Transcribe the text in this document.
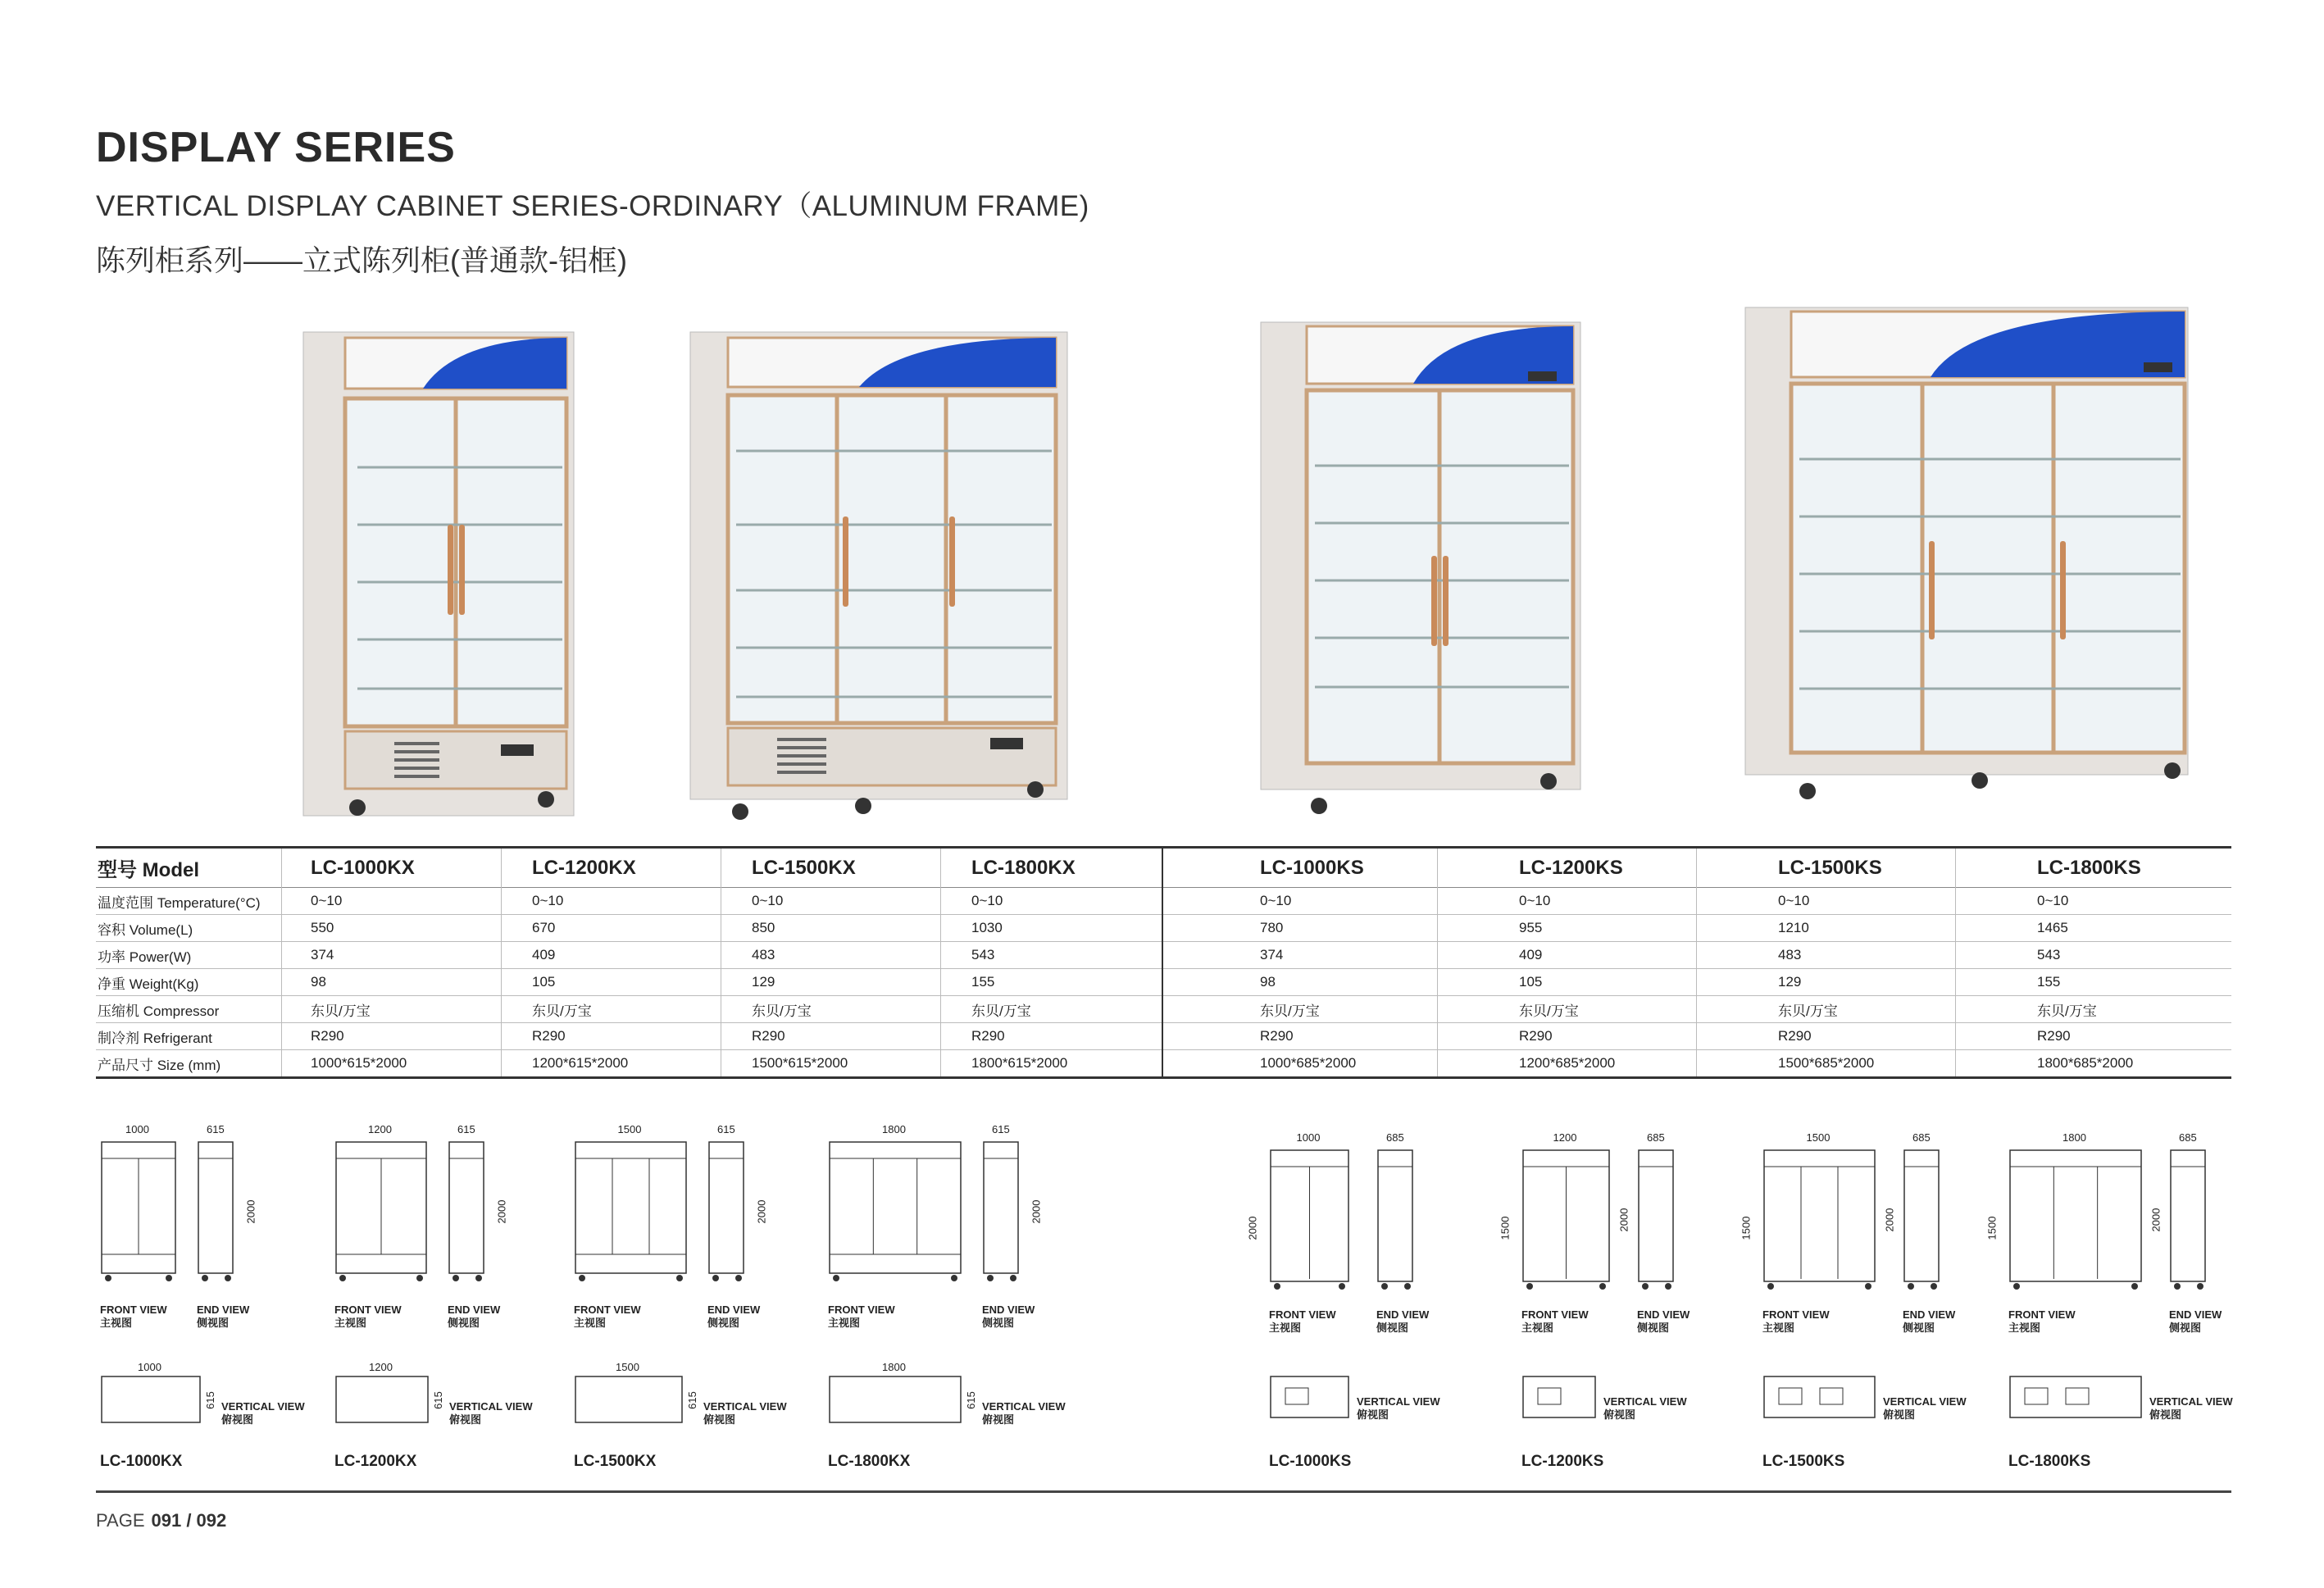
DISPLAY SERIES
VERTICAL DISPLAY CABINET SERIES-ORDINARY（ALUMINUM FRAME)
陈列柜系列——立式陈列柜(普通款-铝框)
型号 Model	LC-1000KX	LC-1200KX	LC-1500KX	LC-1800KX	LC-1000KS	LC-1200KS	LC-1500KS	LC-1800KS
温度范围 Temperature(°C)	0~10	0~10	0~10	0~10	0~10	0~10	0~10	0~10
容积 Volume(L)	550	670	850	1030	780	955	1210	1465
功率 Power(W)	374	409	483	543	374	409	483	543
净重 Weight(Kg)	98	105	129	155	98	105	129	155
压缩机 Compressor	东贝/万宝	东贝/万宝	东贝/万宝	东贝/万宝	东贝/万宝	东贝/万宝	东贝/万宝	东贝/万宝
制冷剂 Refrigerant	R290	R290	R290	R290	R290	R290	R290	R290
产品尺寸 Size (mm)	1000*615*2000	1200*615*2000	1500*615*2000	1800*615*2000	1000*685*2000	1200*685*2000	1500*685*2000	1800*685*2000
1000	615
2000
FRONT VIEW
主视图
END VIEW
侧视图
1000
615 VERTICAL VIEW
俯视图
LC-1000KX
1200	615
2000
FRONT VIEW
主视图
END VIEW
侧视图
1200
615 VERTICAL VIEW
俯视图
LC-1200KX
1500	615
2000
FRONT VIEW
主视图
END VIEW
侧视图
1500
615 VERTICAL VIEW
俯视图
LC-1500KX
1800	615
2000
FRONT VIEW
主视图
END VIEW
侧视图
1800
615 VERTICAL VIEW
俯视图
LC-1800KX
1000
2000
685
FRONT VIEW
主视图
END VIEW
侧视图
VERTICAL VIEW
俯视图
LC-1000KS
1200
1500
685
2000
FRONT VIEW
主视图
END VIEW
侧视图
VERTICAL VIEW
俯视图
LC-1200KS
1500
1500
685
2000
FRONT VIEW
主视图
END VIEW
侧视图
VERTICAL VIEW
俯视图
LC-1500KS
1800
1500
685
2000
FRONT VIEW
主视图
END VIEW
侧视图
VERTICAL VIEW
俯视图
LC-1800KS
PAGE 091 / 092
